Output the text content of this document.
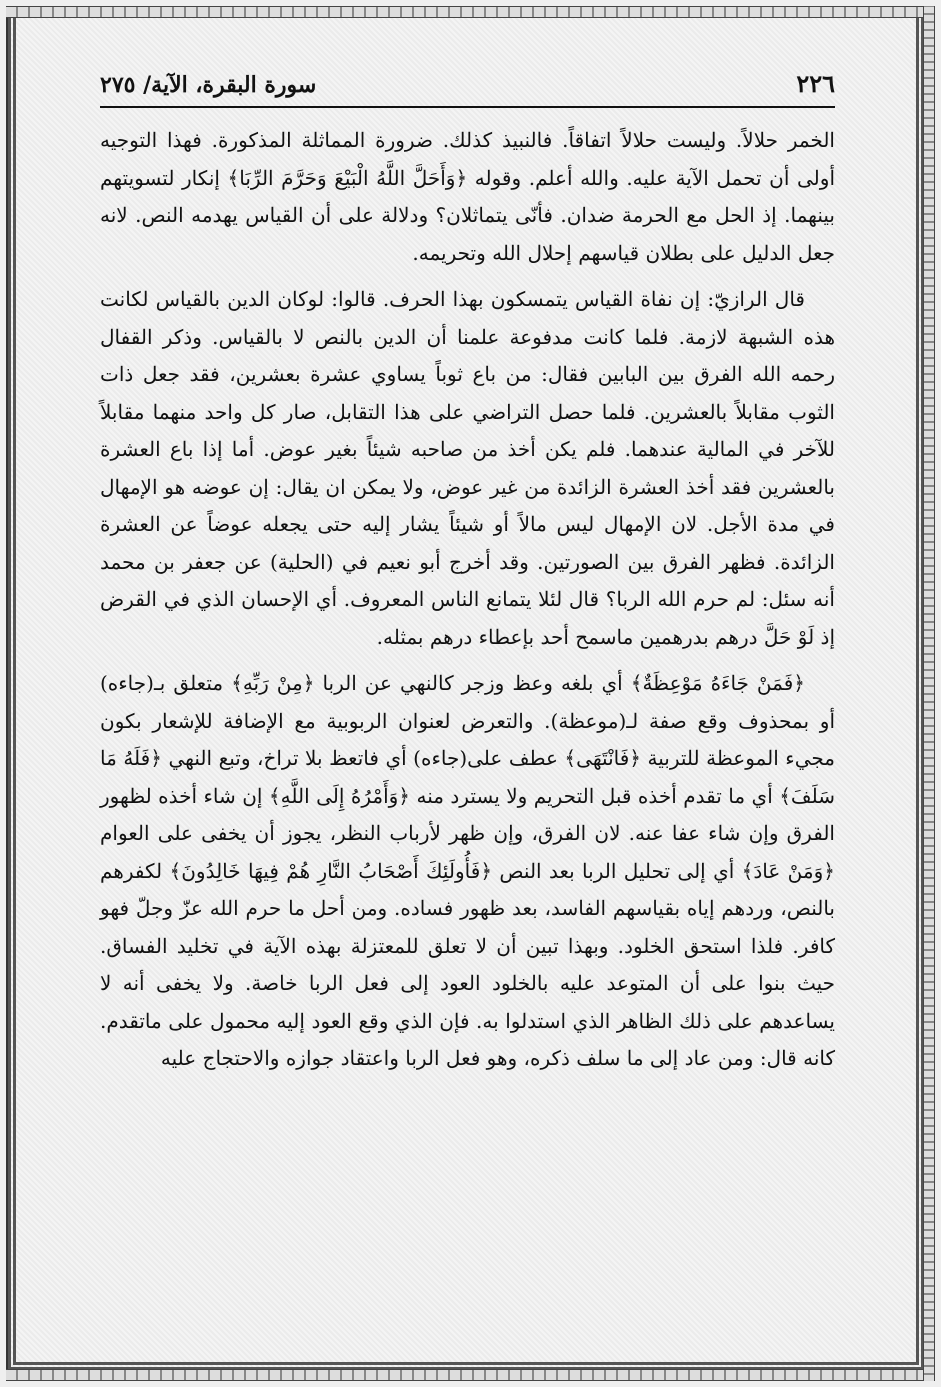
٢٢٦
سورة البقرة، الآية/ ٢٧٥

الخمر حلالاً. وليست حلالاً اتفاقاً. فالنبيذ كذلك. ضرورة المماثلة المذكورة. فهذا التوجيه أولى أن تحمل الآية عليه. والله أعلم. وقوله ﴿وَأَحَلَّ اللَّهُ الْبَيْعَ وَحَرَّمَ الرِّبَا﴾ إنكار لتسويتهم بينهما. إذ الحل مع الحرمة ضدان. فأنّى يتماثلان؟ ودلالة على أن القياس يهدمه النص. لانه جعل الدليل على بطلان قياسهم إحلال الله وتحريمه.

قال الرازيّ: إن نفاة القياس يتمسكون بهذا الحرف. قالوا: لوكان الدين بالقياس لكانت هذه الشبهة لازمة. فلما كانت مدفوعة علمنا أن الدين بالنص لا بالقياس. وذكر القفال رحمه الله الفرق بين البابين فقال: من باع ثوباً يساوي عشرة بعشرين، فقد جعل ذات الثوب مقابلاً بالعشرين. فلما حصل التراضي على هذا التقابل، صار كل واحد منهما مقابلاً للآخر في المالية عندهما. فلم يكن أخذ من صاحبه شيئاً بغير عوض. أما إذا باع العشرة بالعشرين فقد أخذ العشرة الزائدة من غير عوض، ولا يمكن ان يقال: إن عوضه هو الإمهال في مدة الأجل. لان الإمهال ليس مالاً أو شيئاً يشار إليه حتى يجعله عوضاً عن العشرة الزائدة. فظهر الفرق بين الصورتين. وقد أخرج أبو نعيم في (الحلية) عن جعفر بن محمد أنه سئل: لم حرم الله الربا؟ قال لئلا يتمانع الناس المعروف. أي الإحسان الذي في القرض إذ لَوْ حَلَّ درهم بدرهمين ماسمح أحد بإعطاء درهم بمثله.

﴿فَمَنْ جَاءَهُ مَوْعِظَةٌ﴾ أي بلغه وعظ وزجر كالنهي عن الربا ﴿مِنْ رَبِّهِ﴾ متعلق بـ(جاءه) أو بمحذوف وقع صفة لـ(موعظة). والتعرض لعنوان الربوبية مع الإضافة للإشعار بكون مجيء الموعظة للتربية ﴿فَانْتَهَى﴾ عطف على(جاءه) أي فاتعظ بلا تراخ، وتبع النهي ﴿فَلَهُ مَا سَلَفَ﴾ أي ما تقدم أخذه قبل التحريم ولا يسترد منه ﴿وَأَمْرُهُ إِلَى اللَّهِ﴾ إن شاء أخذه لظهور الفرق وإن شاء عفا عنه. لان الفرق، وإن ظهر لأرباب النظر، يجوز أن يخفى على العوام ﴿وَمَنْ عَادَ﴾ أي إلى تحليل الربا بعد النص ﴿فَأُولَئِكَ أَصْحَابُ النَّارِ هُمْ فِيهَا خَالِدُونَ﴾ لكفرهم بالنص، وردهم إياه بقياسهم الفاسد، بعد ظهور فساده. ومن أحل ما حرم الله عزّ وجلّ فهو كافر. فلذا استحق الخلود. وبهذا تبين أن لا تعلق للمعتزلة بهذه الآية في تخليد الفساق. حيث بنوا على أن المتوعد عليه بالخلود العود إلى فعل الربا خاصة. ولا يخفى أنه لا يساعدهم على ذلك الظاهر الذي استدلوا به. فإن الذي وقع العود إليه محمول على ماتقدم. كانه قال: ومن عاد إلى ما سلف ذكره، وهو فعل الربا واعتقاد جوازه والاحتجاج عليه
